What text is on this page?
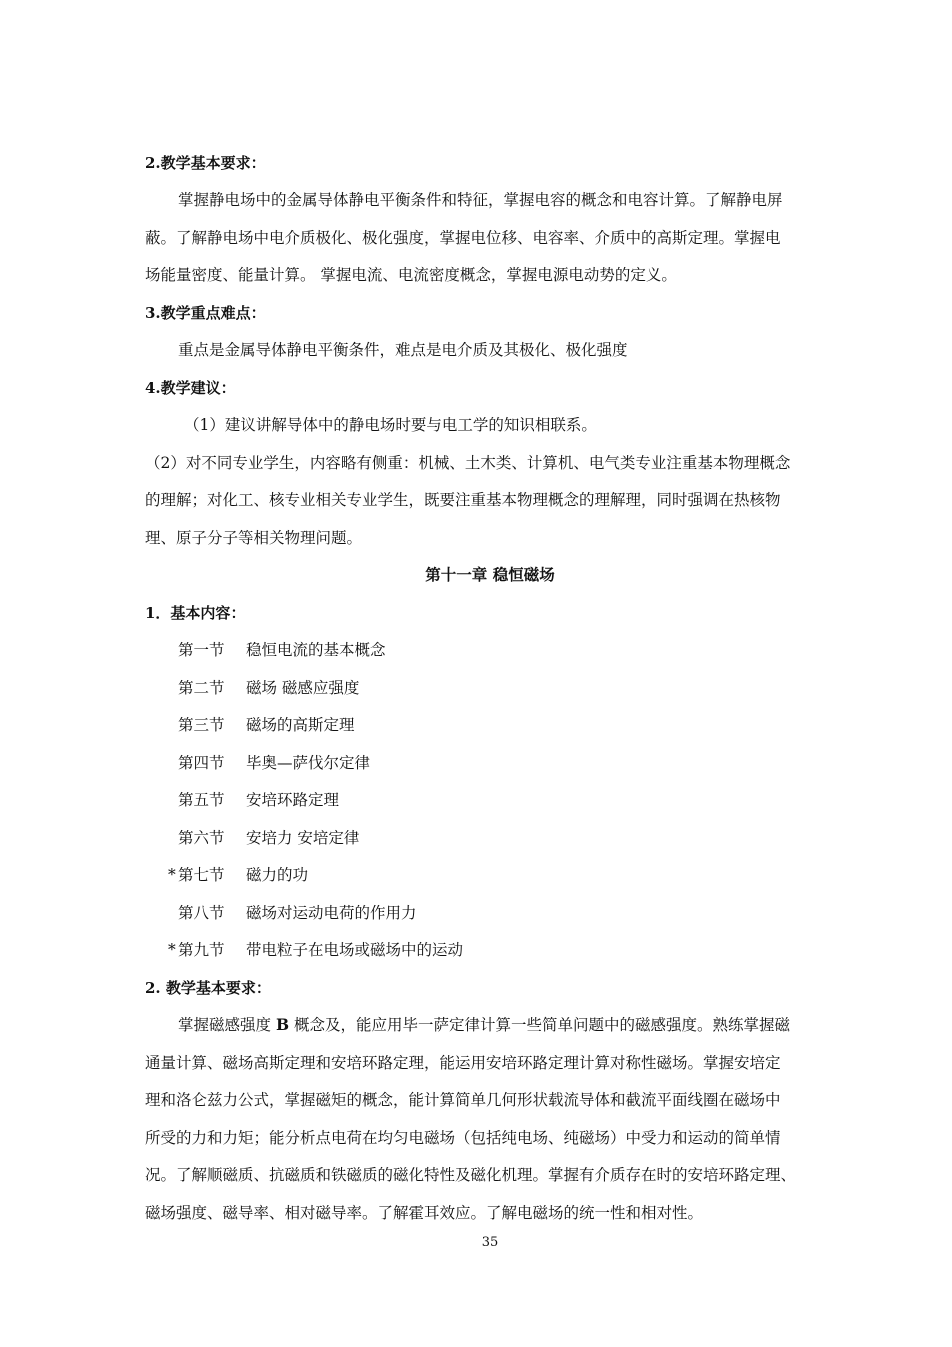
2.教学基本要求：
掌握静电场中的金属导体静电平衡条件和特征，掌握电容的概念和电容计算。了解静电屏
蔽。了解静电场中电介质极化、极化强度，掌握电位移、电容率、介质中的高斯定理。掌握电
场能量密度、能量计算。 掌握电流、电流密度概念，掌握电源电动势的定义。
3.教学重点难点：
重点是金属导体静电平衡条件，难点是电介质及其极化、极化强度
4.教学建议：
（1）建议讲解导体中的静电场时要与电工学的知识相联系。
（2）对不同专业学生，内容略有侧重：机械、土木类、计算机、电气类专业注重基本物理概念
的理解；对化工、核专业相关专业学生，既要注重基本物理概念的理解理，同时强调在热核物
理、原子分子等相关物理问题。
第十一章 稳恒磁场
1．基本内容：
第一节 稳恒电流的基本概念
第二节 磁场 磁感应强度
第三节 磁场的高斯定理
第四节 毕奥—萨伐尔定律
第五节 安培环路定理
第六节 安培力 安培定律
* 第七节 磁力的功
第八节 磁场对运动电荷的作用力
* 第九节 带电粒子在电场或磁场中的运动
2. 教学基本要求：
掌握磁感强度 B 概念及，能应用毕一萨定律计算一些简单问题中的磁感强度。熟练掌握磁
通量计算、磁场高斯定理和安培环路定理，能运用安培环路定理计算对称性磁场。掌握安培定
理和洛仑兹力公式，掌握磁矩的概念，能计算简单几何形状载流导体和截流平面线圈在磁场中
所受的力和力矩；能分析点电荷在均匀电磁场（包括纯电场、纯磁场）中受力和运动的简单情
况。了解顺磁质、抗磁质和铁磁质的磁化特性及磁化机理。掌握有介质存在时的安培环路定理、
磁场强度、磁导率、相对磁导率。了解霍耳效应。了解电磁场的统一性和相对性。
35
